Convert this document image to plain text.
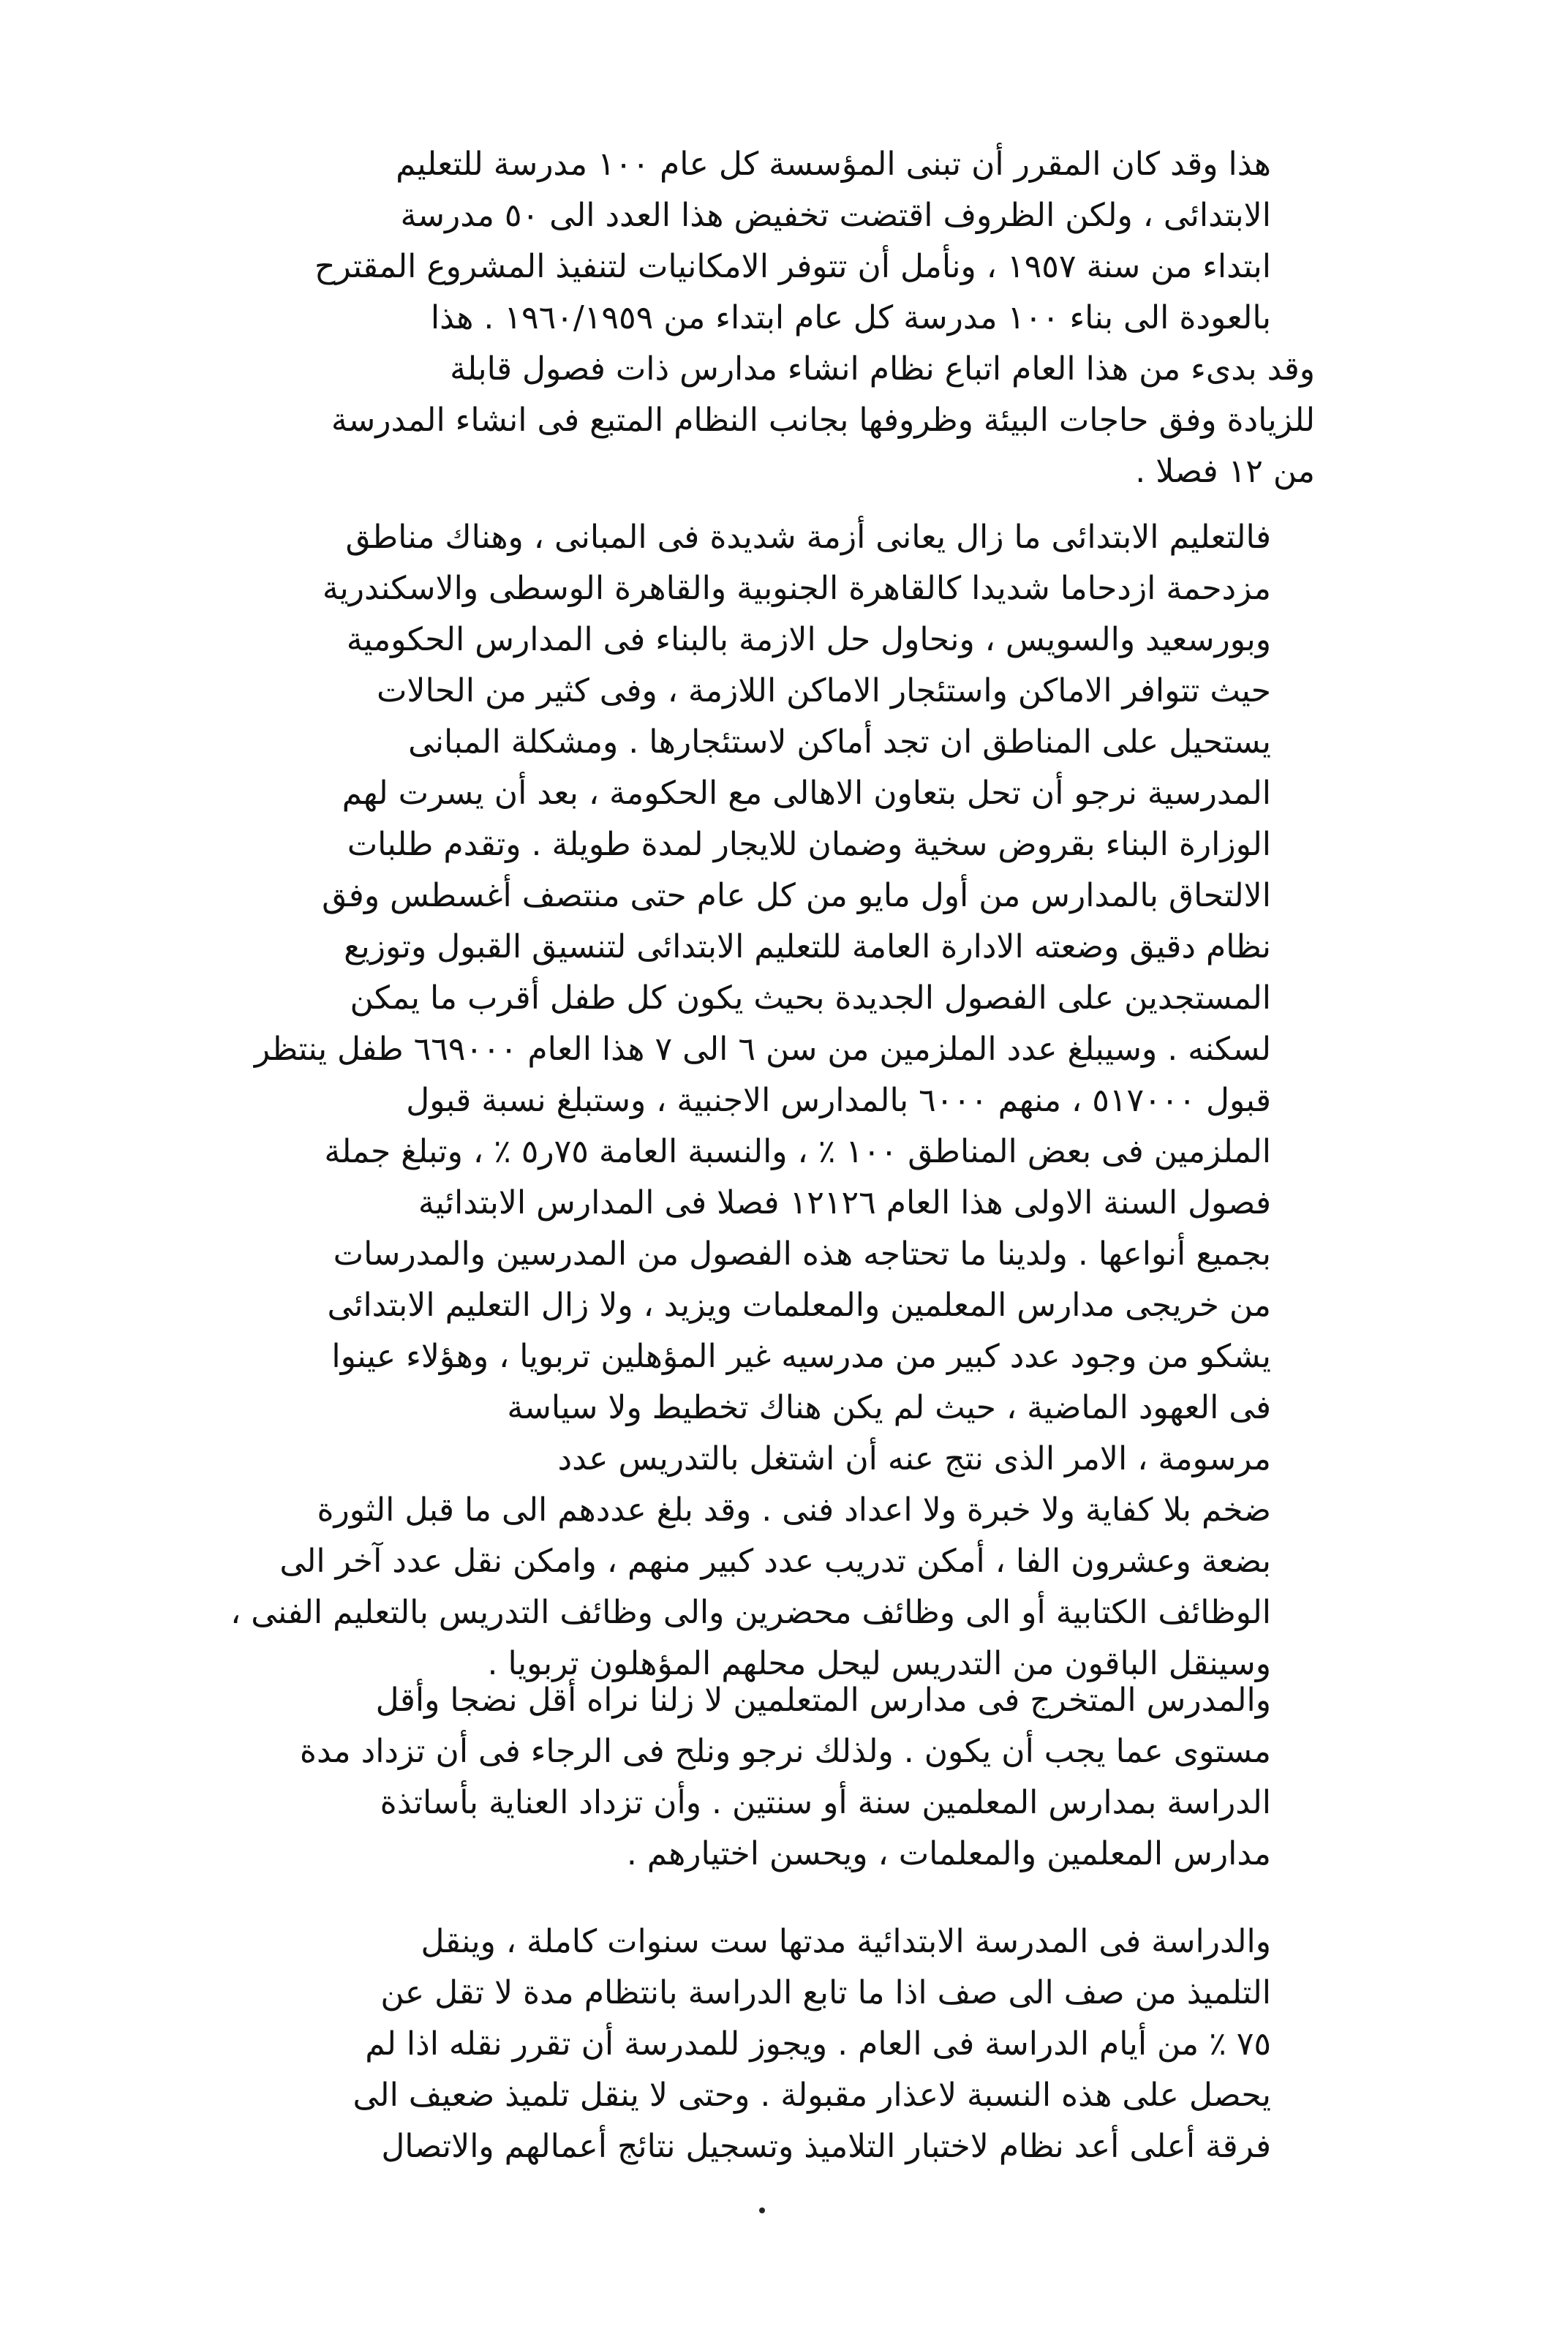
هذا وقد كان المقرر أن تبنى المؤسسة كل عام ١٠٠ مدرسة للتعليم
الابتدائى ، ولكن الظروف اقتضت تخفيض هذا العدد الى ٥٠ مدرسة
ابتداء من سنة ١٩٥٧ ، ونأمل أن تتوفر الامكانيات لتنفيذ المشروع المقترح
بالعودة الى بناء ١٠٠ مدرسة كل عام ابتداء من ١٩٦٠/١٩٥٩ . هذا

وقد بدىء من هذا العام اتباع نظام انشاء مدارس ذات فصول قابلة
للزيادة وفق حاجات البيئة وظروفها بجانب النظام المتبع فى انشاء المدرسة
من ١٢ فصلا .

فالتعليم الابتدائى ما زال يعانى أزمة شديدة فى المبانى ، وهناك مناطق
مزدحمة ازدحاما شديدا كالقاهرة الجنوبية والقاهرة الوسطى والاسكندرية
وبورسعيد والسويس ، ونحاول حل الازمة بالبناء فى المدارس الحكومية
حيث تتوافر الاماكن واستئجار الاماكن اللازمة ، وفى كثير من الحالات
يستحيل على المناطق ان تجد أماكن لاستئجارها . ومشكلة المبانى
المدرسية نرجو أن تحل بتعاون الاهالى مع الحكومة ، بعد أن يسرت لهم
الوزارة البناء بقروض سخية وضمان للايجار لمدة طويلة . وتقدم طلبات
الالتحاق بالمدارس من أول مايو من كل عام حتى منتصف أغسطس وفق
نظام دقيق وضعته الادارة العامة للتعليم الابتدائى لتنسيق القبول وتوزيع
المستجدين على الفصول الجديدة بحيث يكون كل طفل أقرب ما يمكن
لسكنه . وسيبلغ عدد الملزمين من سن ٦ الى ٧ هذا العام ٦٦٩٠٠٠ طفل ينتظر
قبول ٥١٧٠٠٠ ، منهم ٦٠٠٠ بالمدارس الاجنبية ، وستبلغ نسبة قبول
الملزمين فى بعض المناطق ١٠٠ ٪ ، والنسبة العامة ٧٥ر٥ ٪ ، وتبلغ جملة
فصول السنة الاولى هذا العام ١٢١٢٦ فصلا فى المدارس الابتدائية
بجميع أنواعها . ولدينا ما تحتاجه هذه الفصول من المدرسين والمدرسات
من خريجى مدارس المعلمين والمعلمات ويزيد ، ولا زال التعليم الابتدائى
يشكو من وجود عدد كبير من مدرسيه غير المؤهلين تربويا ، وهؤلاء عينوا
فى العهود الماضية ، حيث لم يكن هناك تخطيط ولا سياسة
مرسومة ، الامر الذى نتج عنه أن اشتغل بالتدريس عدد
ضخم بلا كفاية ولا خبرة ولا اعداد فنى . وقد بلغ عددهم الى ما قبل الثورة
بضعة وعشرون الفا ، أمكن تدريب عدد كبير منهم ، وامكن نقل عدد آخر الى
الوظائف الكتابية أو الى وظائف محضرين والى وظائف التدريس بالتعليم الفنى ،
وسينقل الباقون من التدريس ليحل محلهم المؤهلون تربويا .

والمدرس المتخرج فى مدارس المتعلمين لا زلنا نراه أقل نضجا وأقل
مستوى عما يجب أن يكون . ولذلك نرجو ونلح فى الرجاء فى أن تزداد مدة
الدراسة بمدارس المعلمين سنة أو سنتين . وأن تزداد العناية بأساتذة
مدارس المعلمين والمعلمات ، ويحسن اختيارهم .

والدراسة فى المدرسة الابتدائية مدتها ست سنوات كاملة ، وينقل
التلميذ من صف الى صف اذا ما تابع الدراسة بانتظام مدة لا تقل عن
٧٥ ٪ من أيام الدراسة فى العام . ويجوز للمدرسة أن تقرر نقله اذا لم
يحصل على هذه النسبة لاعذار مقبولة . وحتى لا ينقل تلميذ ضعيف الى
فرقة أعلى أعد نظام لاختبار التلاميذ وتسجيل نتائج أعمالهم والاتصال
